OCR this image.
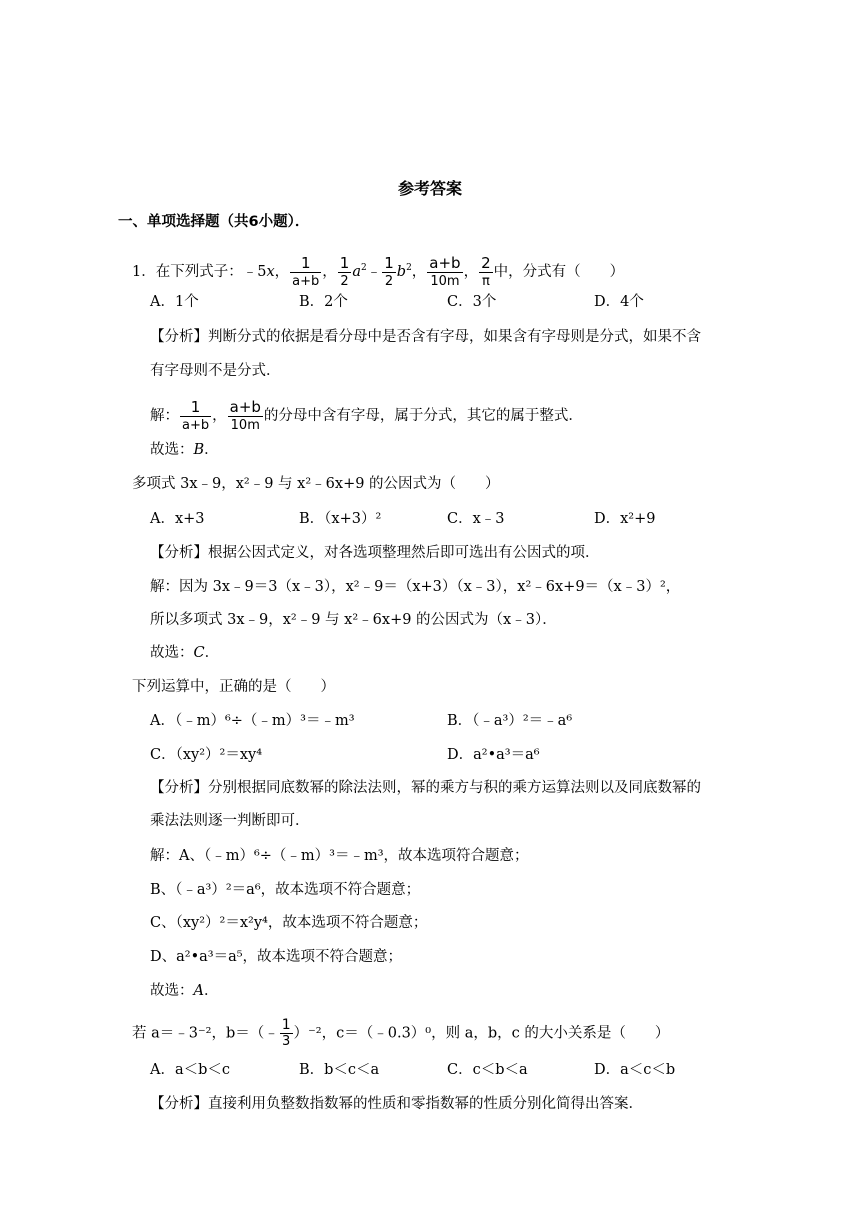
参考答案
一、单项选择题（共6小题）．
1．在下列式子：﹣5x， $\frac{1}{a+b}$ ， $\frac{1}{2}$ $a^2﹣ \frac{1}{2} b^2$， $\frac{a+b}{10m}$ ， $\frac{2}{\pi}$ 中，分式有（　　）
A．1个	B．2个	C．3个	D．4个
【分析】判断分式的依据是看分母中是否含有字母，如果含有字母则是分式，如果不含
有字母则不是分式．
解： $\frac{1}{a+b}$ ， $\frac{a+b}{10m}$ 的分母中含有字母，属于分式，其它的属于整式．
故选：B．
多项式 3x﹣9，x²﹣9 与 x²﹣6x+9 的公因式为（　　）
A．x+3	B．（x+3）²	C．x﹣3	D．x²+9
【分析】根据公因式定义，对各选项整理然后即可选出有公因式的项．
解：因为 3x﹣9＝3（x﹣3），x²﹣9＝（x+3）（x﹣3），x²﹣6x+9＝（x﹣3）²，
所以多项式 3x﹣9，x²﹣9 与 x²﹣6x+9 的公因式为（x﹣3）．
故选：C．
下列运算中，正确的是（　　）
A．（﹣m）⁶÷（﹣m）³＝﹣m³	B．（﹣a³）²＝﹣a⁶
C．（xy²）²＝xy⁴	D．a²•a³＝a⁶
【分析】分别根据同底数幂的除法法则，幂的乘方与积的乘方运算法则以及同底数幂的
乘法法则逐一判断即可．
解：A、（﹣m）⁶÷（﹣m）³＝﹣m³，故本选项符合题意；
B、（﹣a³）²＝a⁶，故本选项不符合题意；
C、（xy²）²＝x²y⁴，故本选项不符合题意；
D、a²•a³＝a⁵，故本选项不符合题意；
故选：A．
若 a＝﹣3⁻²，b＝（﹣ $\frac{1}{3} )^{-2}$，c＝（﹣0.3）⁰，则 a，b，c 的大小关系是（　　）
A．a＜b＜c	B．b＜c＜a	C．c＜b＜a	D．a＜c＜b
【分析】直接利用负整数指数幂的性质和零指数幂的性质分别化简得出答案．
